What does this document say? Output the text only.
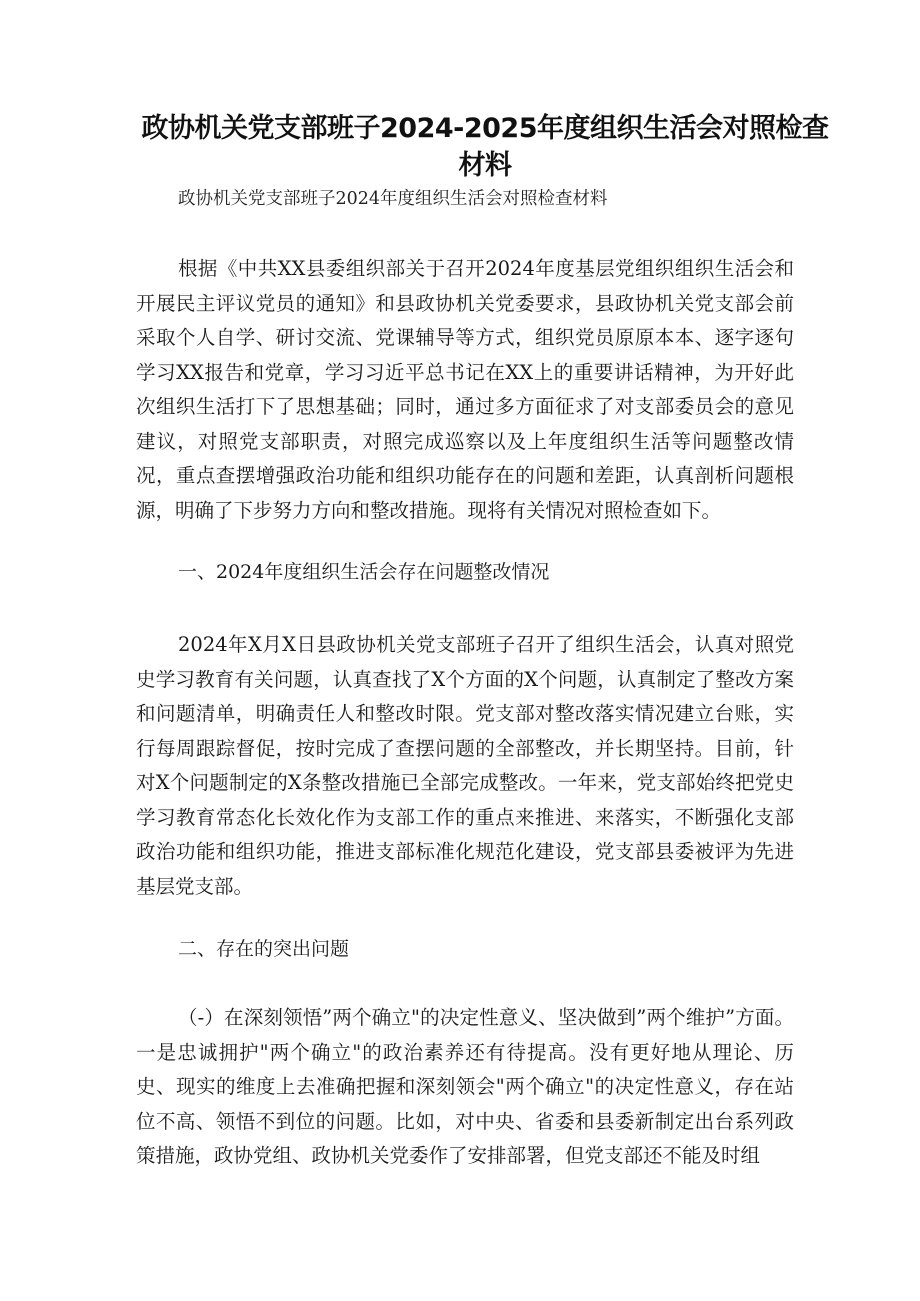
政协机关党支部班子2024-2025年度组织生活会对照检查材料

政协机关党支部班子2024年度组织生活会对照检查材料

根据《中共XX县委组织部关于召开2024年度基层党组织组织生活会和开展民主评议党员的通知》和县政协机关党委要求，县政协机关党支部会前采取个人自学、研讨交流、党课辅导等方式，组织党员原原本本、逐字逐句学习XX报告和党章，学习习近平总书记在XX上的重要讲话精神，为开好此次组织生活打下了思想基础；同时，通过多方面征求了对支部委员会的意见建议，对照党支部职责，对照完成巡察以及上年度组织生活等问题整改情况，重点查摆增强政治功能和组织功能存在的问题和差距，认真剖析问题根源，明确了下步努力方向和整改措施。现将有关情况对照检查如下。

一、2024年度组织生活会存在问题整改情况

2024年X月X日县政协机关党支部班子召开了组织生活会，认真对照党史学习教育有关问题，认真查找了X个方面的X个问题，认真制定了整改方案和问题清单，明确责任人和整改时限。党支部对整改落实情况建立台账，实行每周跟踪督促，按时完成了查摆问题的全部整改，并长期坚持。目前，针对X个问题制定的X条整改措施已全部完成整改。一年来，党支部始终把党史学习教育常态化长效化作为支部工作的重点来推进、来落实，不断强化支部政治功能和组织功能，推进支部标准化规范化建设，党支部县委被评为先进基层党支部。

二、存在的突出问题

（-）在深刻领悟”两个确立"的决定性意义、坚决做到”两个维护”方面。一是忠诚拥护"两个确立"的政治素养还有待提高。没有更好地从理论、历史、现实的维度上去准确把握和深刻领会"两个确立"的决定性意义，存在站位不高、领悟不到位的问题。比如，对中央、省委和县委新制定出台系列政策措施，政协党组、政协机关党委作了安排部署，但党支部还不能及时组
